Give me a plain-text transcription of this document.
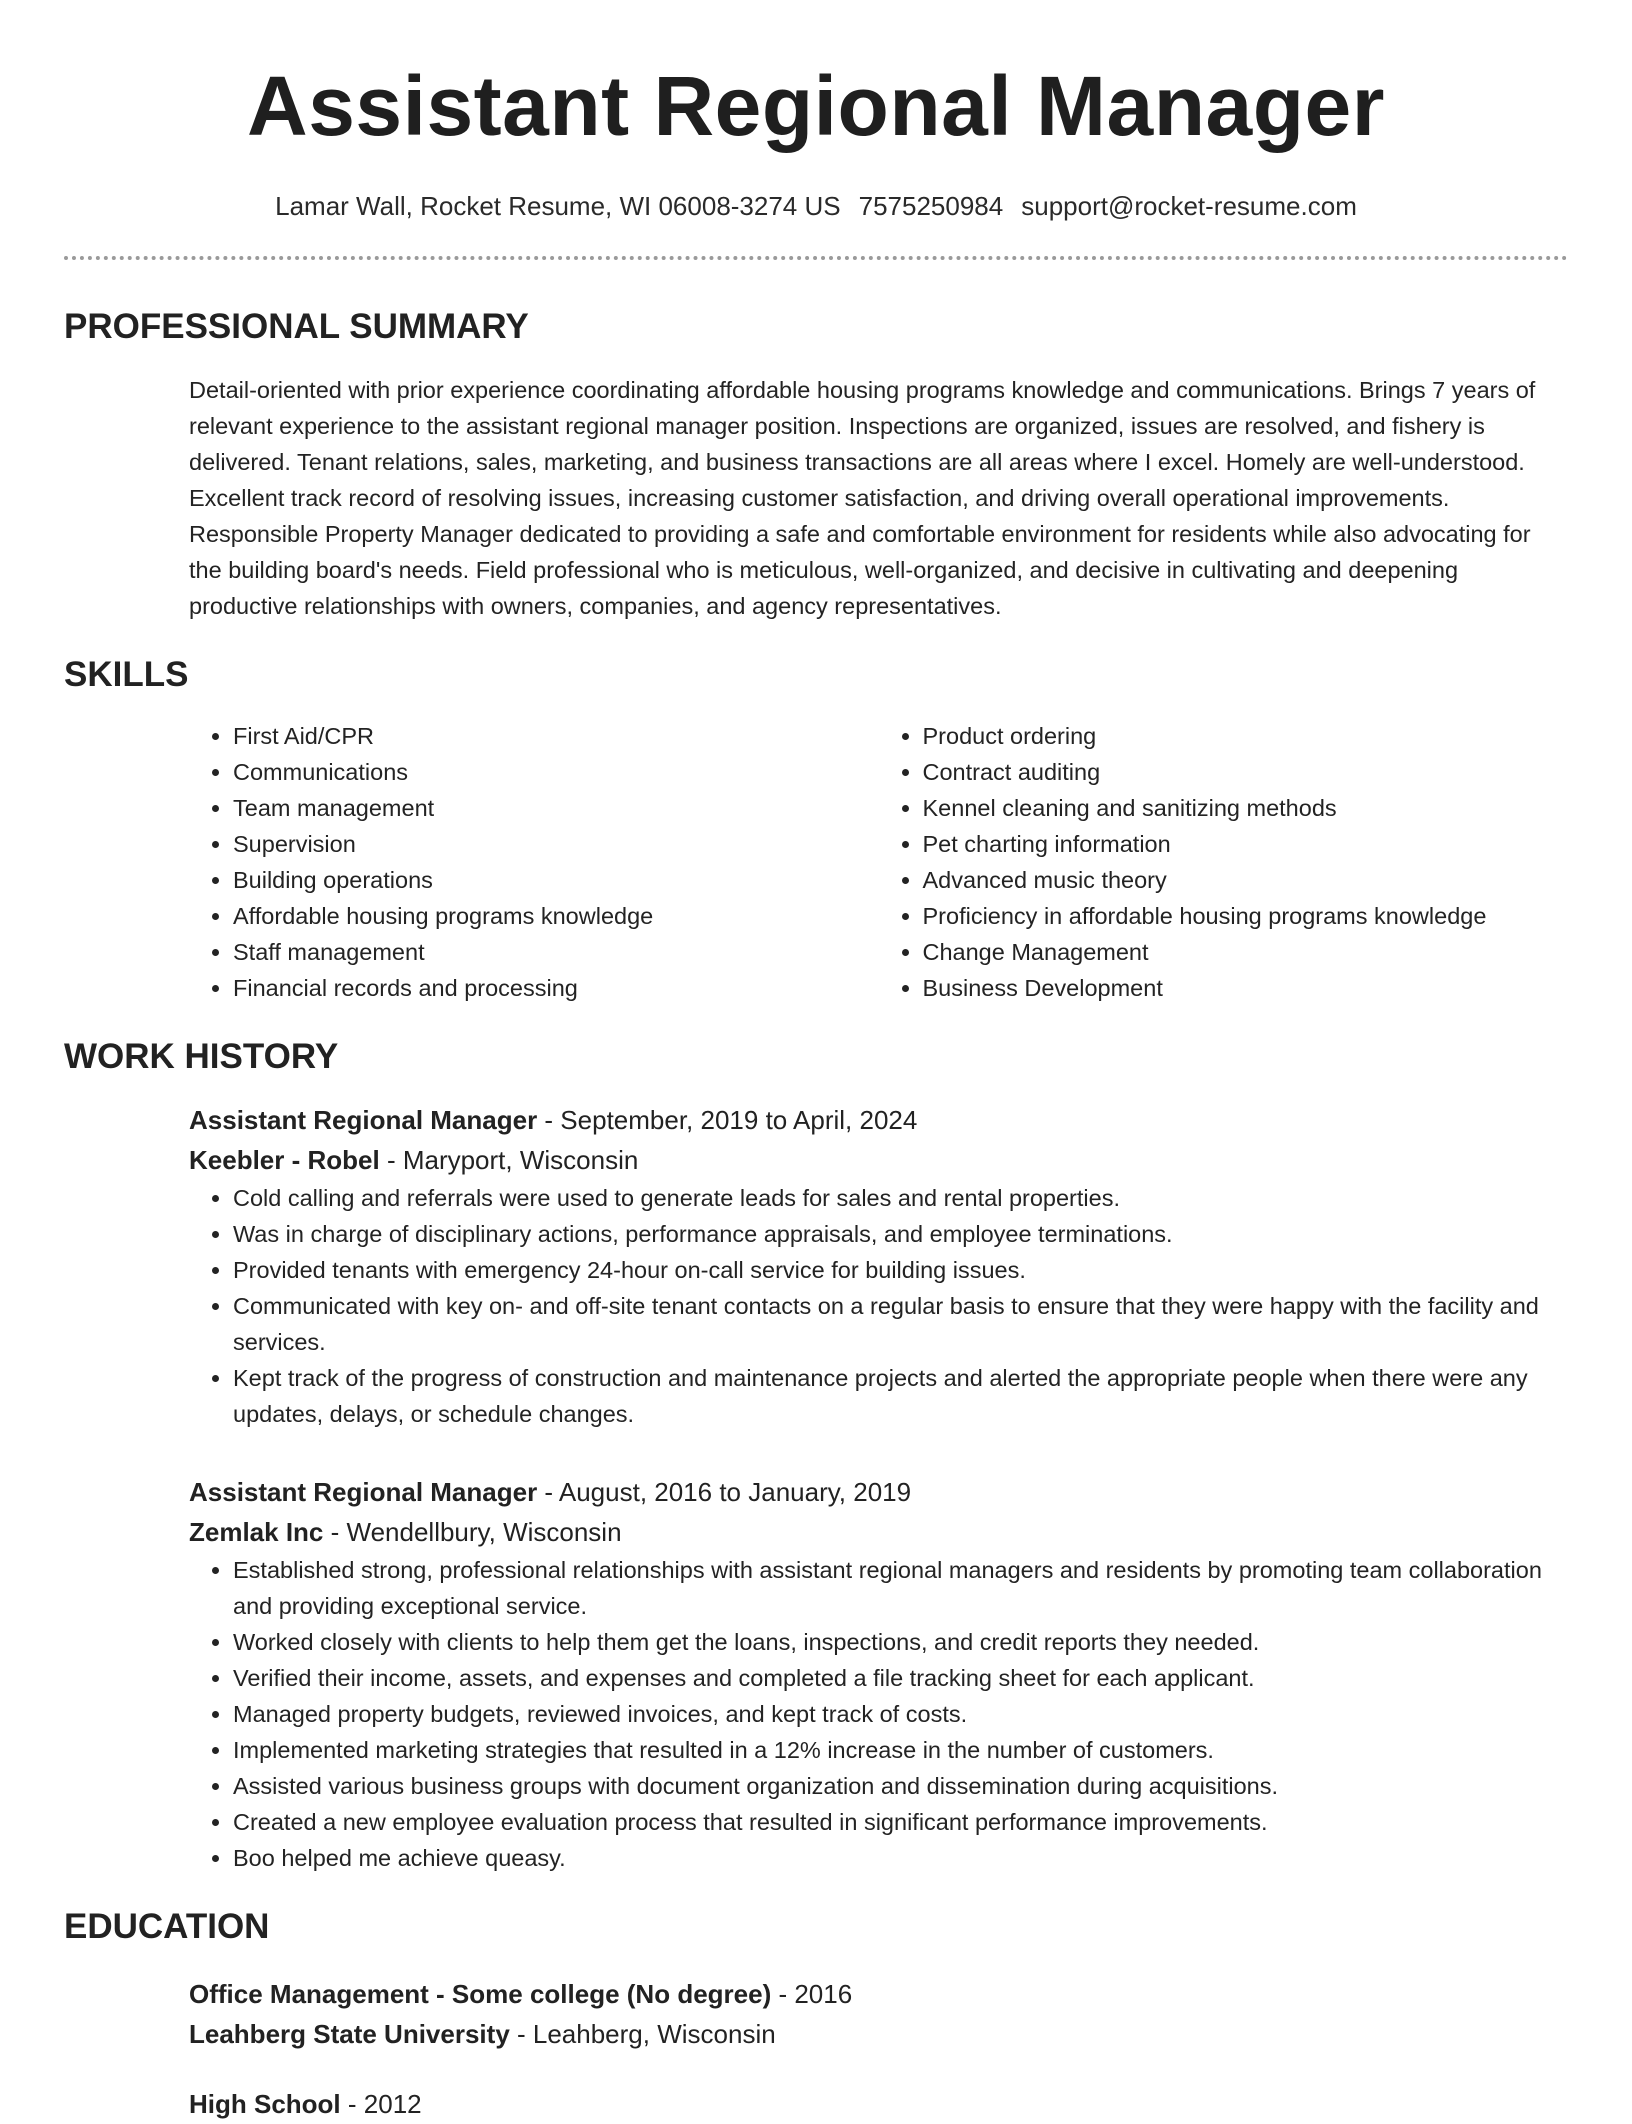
Assistant Regional Manager
Lamar Wall, Rocket Resume, WI 06008-3274 US 7575250984 support@rocket-resume.com
PROFESSIONAL SUMMARY

Detail-oriented with prior experience coordinating affordable housing programs knowledge and communications. Brings 7 years of relevant experience to the assistant regional manager position. Inspections are organized, issues are resolved, and fishery is delivered. Tenant relations, sales, marketing, and business transactions are all areas where I excel. Homely are well-understood. Excellent track record of resolving issues, increasing customer satisfaction, and driving overall operational improvements. Responsible Property Manager dedicated to providing a safe and comfortable environment for residents while also advocating for the building board's needs. Field professional who is meticulous, well-organized, and decisive in cultivating and deepening productive relationships with owners, companies, and agency representatives.

SKILLS
• First Aid/CPR
• Communications
• Team management
• Supervision
• Building operations
• Affordable housing programs knowledge
• Staff management
• Financial records and processing
• Product ordering
• Contract auditing
• Kennel cleaning and sanitizing methods
• Pet charting information
• Advanced music theory
• Proficiency in affordable housing programs knowledge
• Change Management
• Business Development
WORK HISTORY
Assistant Regional Manager - September, 2019 to April, 2024
Keebler - Robel - Maryport, Wisconsin
• Cold calling and referrals were used to generate leads for sales and rental properties.
• Was in charge of disciplinary actions, performance appraisals, and employee terminations.
• Provided tenants with emergency 24-hour on-call service for building issues.
• Communicated with key on- and off-site tenant contacts on a regular basis to ensure that they were happy with the facility and services.
• Kept track of the progress of construction and maintenance projects and alerted the appropriate people when there were any updates, delays, or schedule changes.
Assistant Regional Manager - August, 2016 to January, 2019
Zemlak Inc - Wendellbury, Wisconsin
• Established strong, professional relationships with assistant regional managers and residents by promoting team collaboration and providing exceptional service.
• Worked closely with clients to help them get the loans, inspections, and credit reports they needed.
• Verified their income, assets, and expenses and completed a file tracking sheet for each applicant.
• Managed property budgets, reviewed invoices, and kept track of costs.
• Implemented marketing strategies that resulted in a 12% increase in the number of customers.
• Assisted various business groups with document organization and dissemination during acquisitions.
• Created a new employee evaluation process that resulted in significant performance improvements.
• Boo helped me achieve queasy.
EDUCATION
Office Management - Some college (No degree) - 2016
Leahberg State University - Leahberg, Wisconsin
High School - 2012
